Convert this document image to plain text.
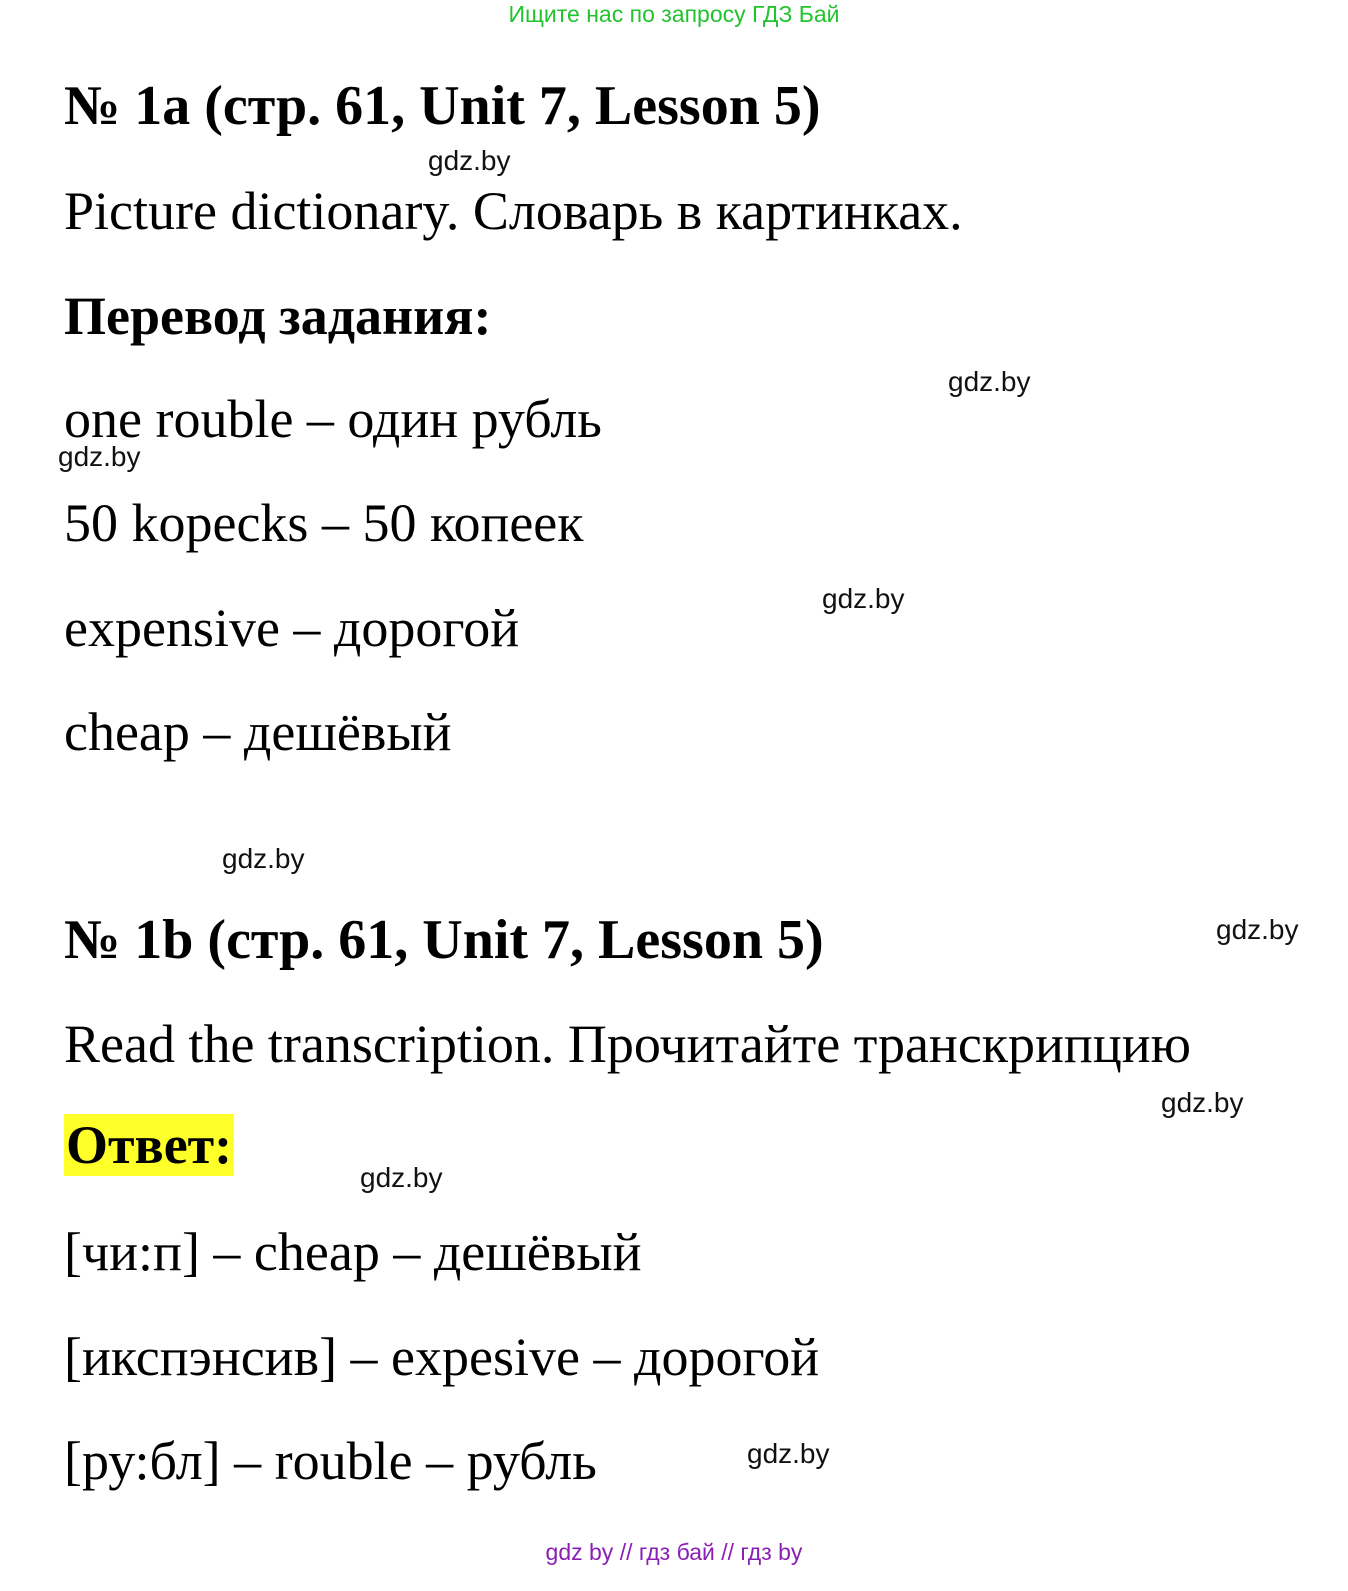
Ищите нас по запросу ГДЗ Бай
№ 1а (стр. 61, Unit 7, Lesson 5)
gdz.by
Picture dictionary. Словарь в картинках.
Перевод задания:
gdz.by
one rouble – один рубль
gdz.by
50 kopecks – 50 копеек
gdz.by
expensive – дорогой
cheap – дешёвый
gdz.by
№ 1b (стр. 61, Unit 7, Lesson 5)	gdz.by
Read the transcription. Прочитайте транскрипцию
gdz.by
Ответ:
gdz.by
[чи:п] – cheap – дешёвый
[икспэнсив] – expesive – дорогой
[ру:бл] – rouble – рубль	gdz.by
gdz by // гдз бай // гдз by
